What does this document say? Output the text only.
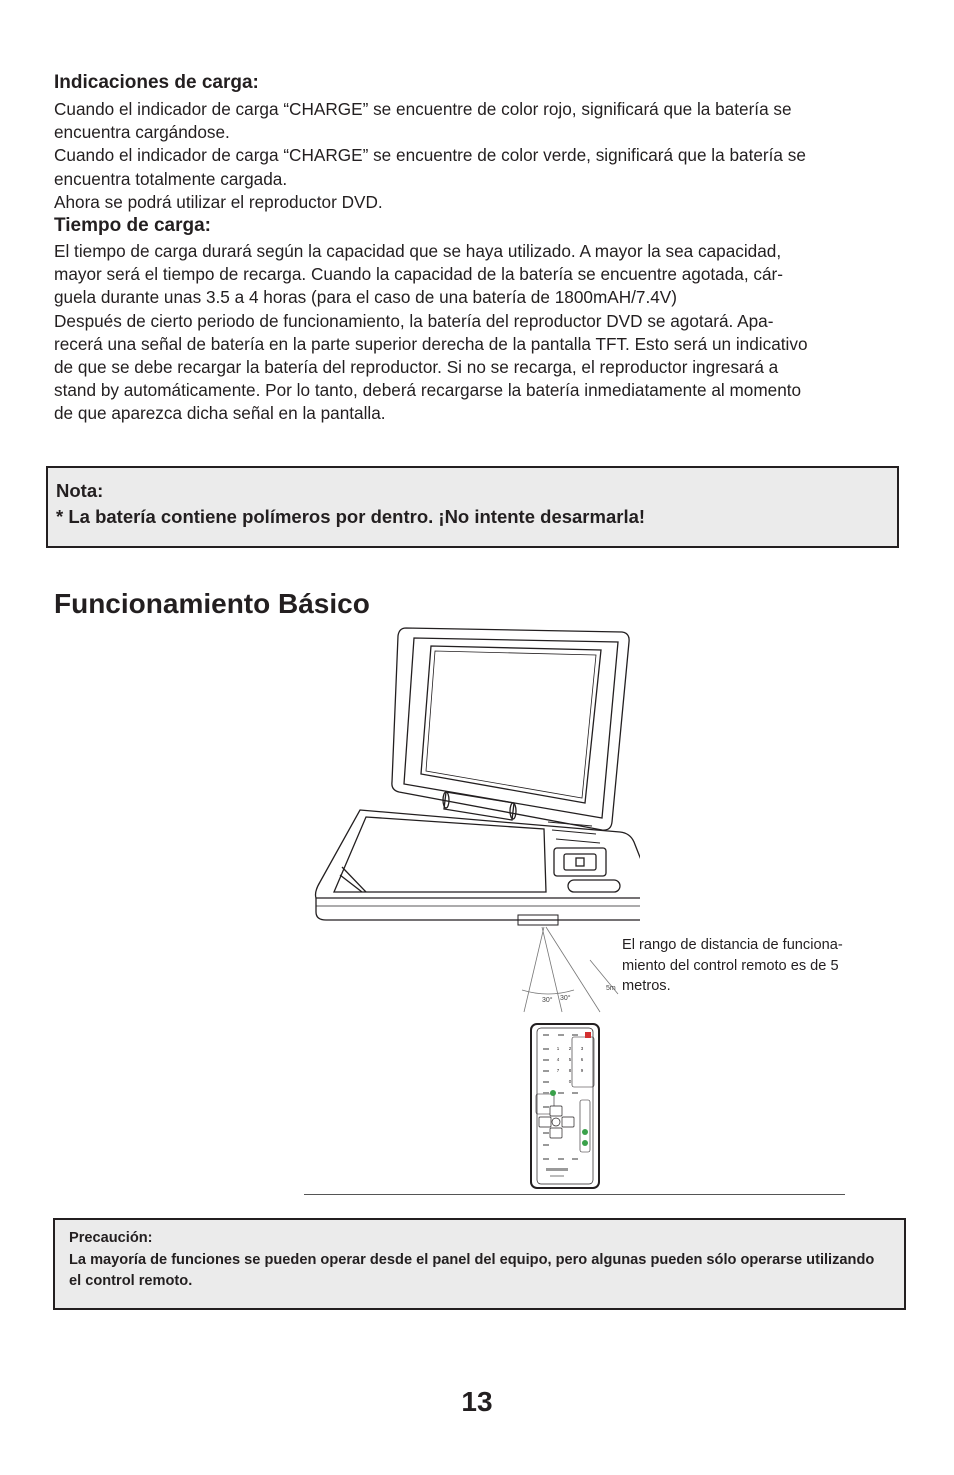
Indicaciones de carga:

Cuando el indicador de carga “CHARGE” se encuentre de color rojo, significará que la batería se

encuentra cargándose.

Cuando el indicador de carga “CHARGE” se encuentre de color verde, significará que la batería se

encuentra totalmente cargada.

Ahora se podrá utilizar el reproductor DVD.

Tiempo de carga:

El tiempo de carga durará según la capacidad que se haya utilizado. A mayor la sea capacidad,

mayor será el tiempo de recarga. Cuando la capacidad de la batería se encuentre agotada, cár-

guela durante unas 3.5 a 4 horas (para el caso de una batería de 1800mAH/7.4V)

Después de cierto periodo de funcionamiento, la batería del reproductor DVD se agotará. Apa-

recerá una señal de batería en la parte superior derecha de la pantalla TFT. Esto será un indicativo

de que se debe recargar la batería del reproductor. Si no se recarga, el reproductor ingresará a

stand by automáticamente. Por lo tanto, deberá recargarse la batería inmediatamente al momento

de que aparezca dicha señal en la pantalla.

Nota:
* La batería contiene polímeros por dentro. ¡No intente desarmarla!
Funcionamiento Básico
30° 30°
5m
1 2 3
4 5 6
7 8 9
0
El rango de distancia de funciona-
miento del control remoto es de 5
metros.
Precaución:
La mayoría de funciones se pueden operar desde el panel del equipo, pero algunas pueden sólo operarse utilizando el control remoto.
13
